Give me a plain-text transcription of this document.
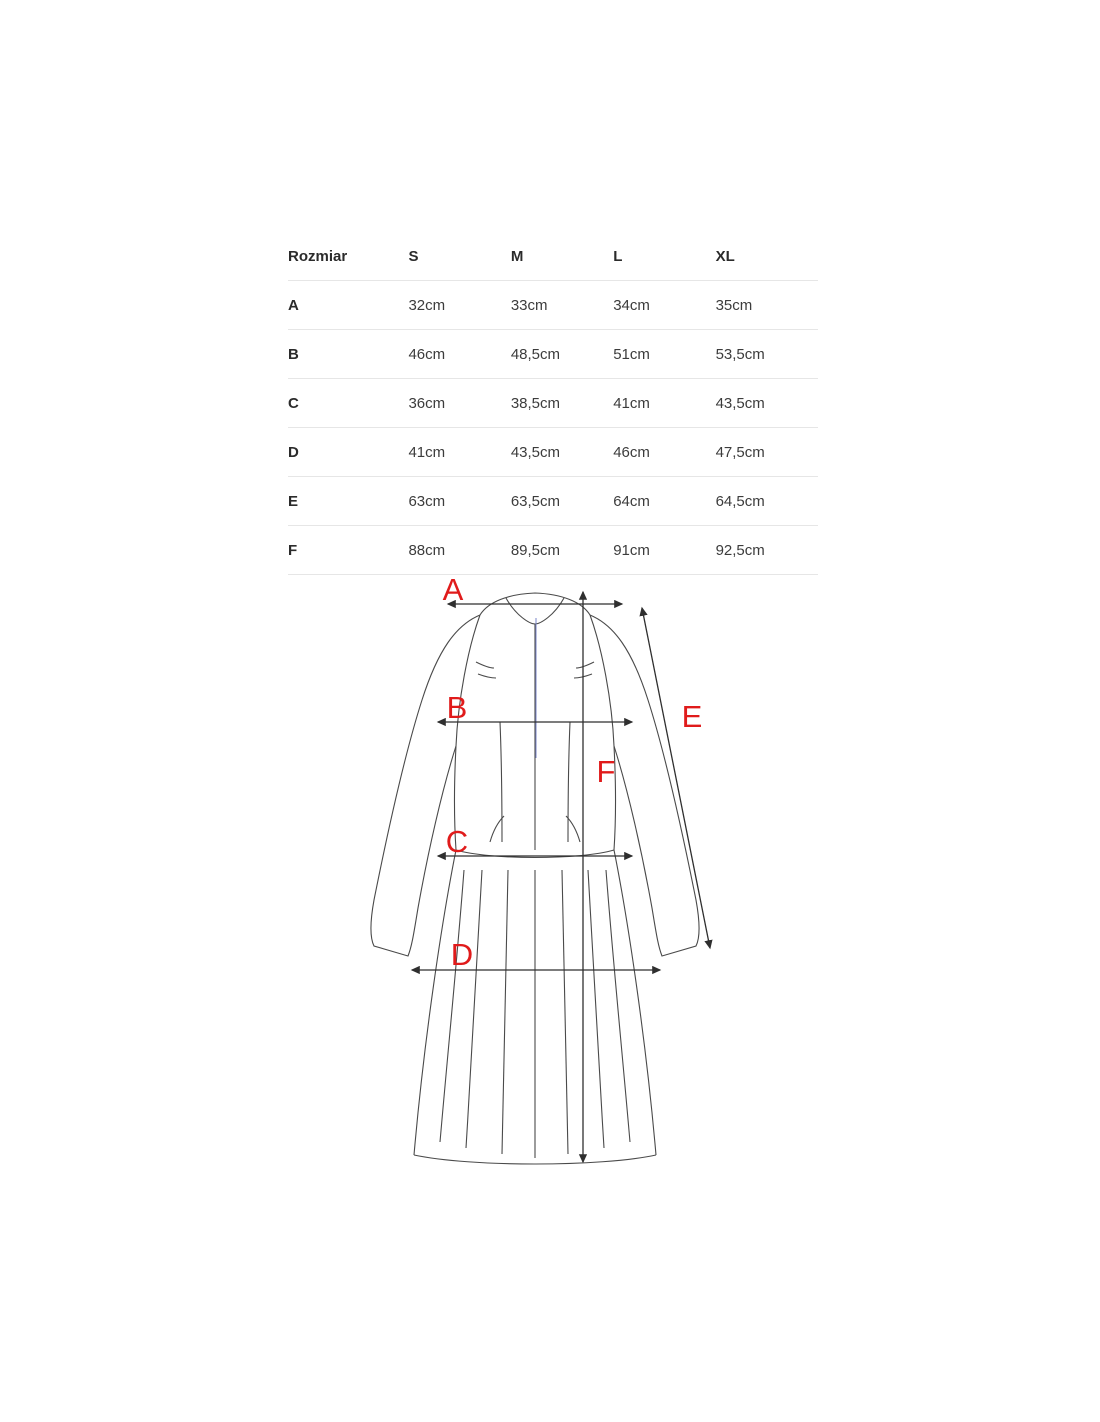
Rozmiar	S	M	L	XL
A	32cm	33cm	34cm	35cm
B	46cm	48,5cm	51cm	53,5cm
C	36cm	38,5cm	41cm	43,5cm
D	41cm	43,5cm	46cm	47,5cm
E	63cm	63,5cm	64cm	64,5cm
F	88cm	89,5cm	91cm	92,5cm
A
B
C
D
E
F
